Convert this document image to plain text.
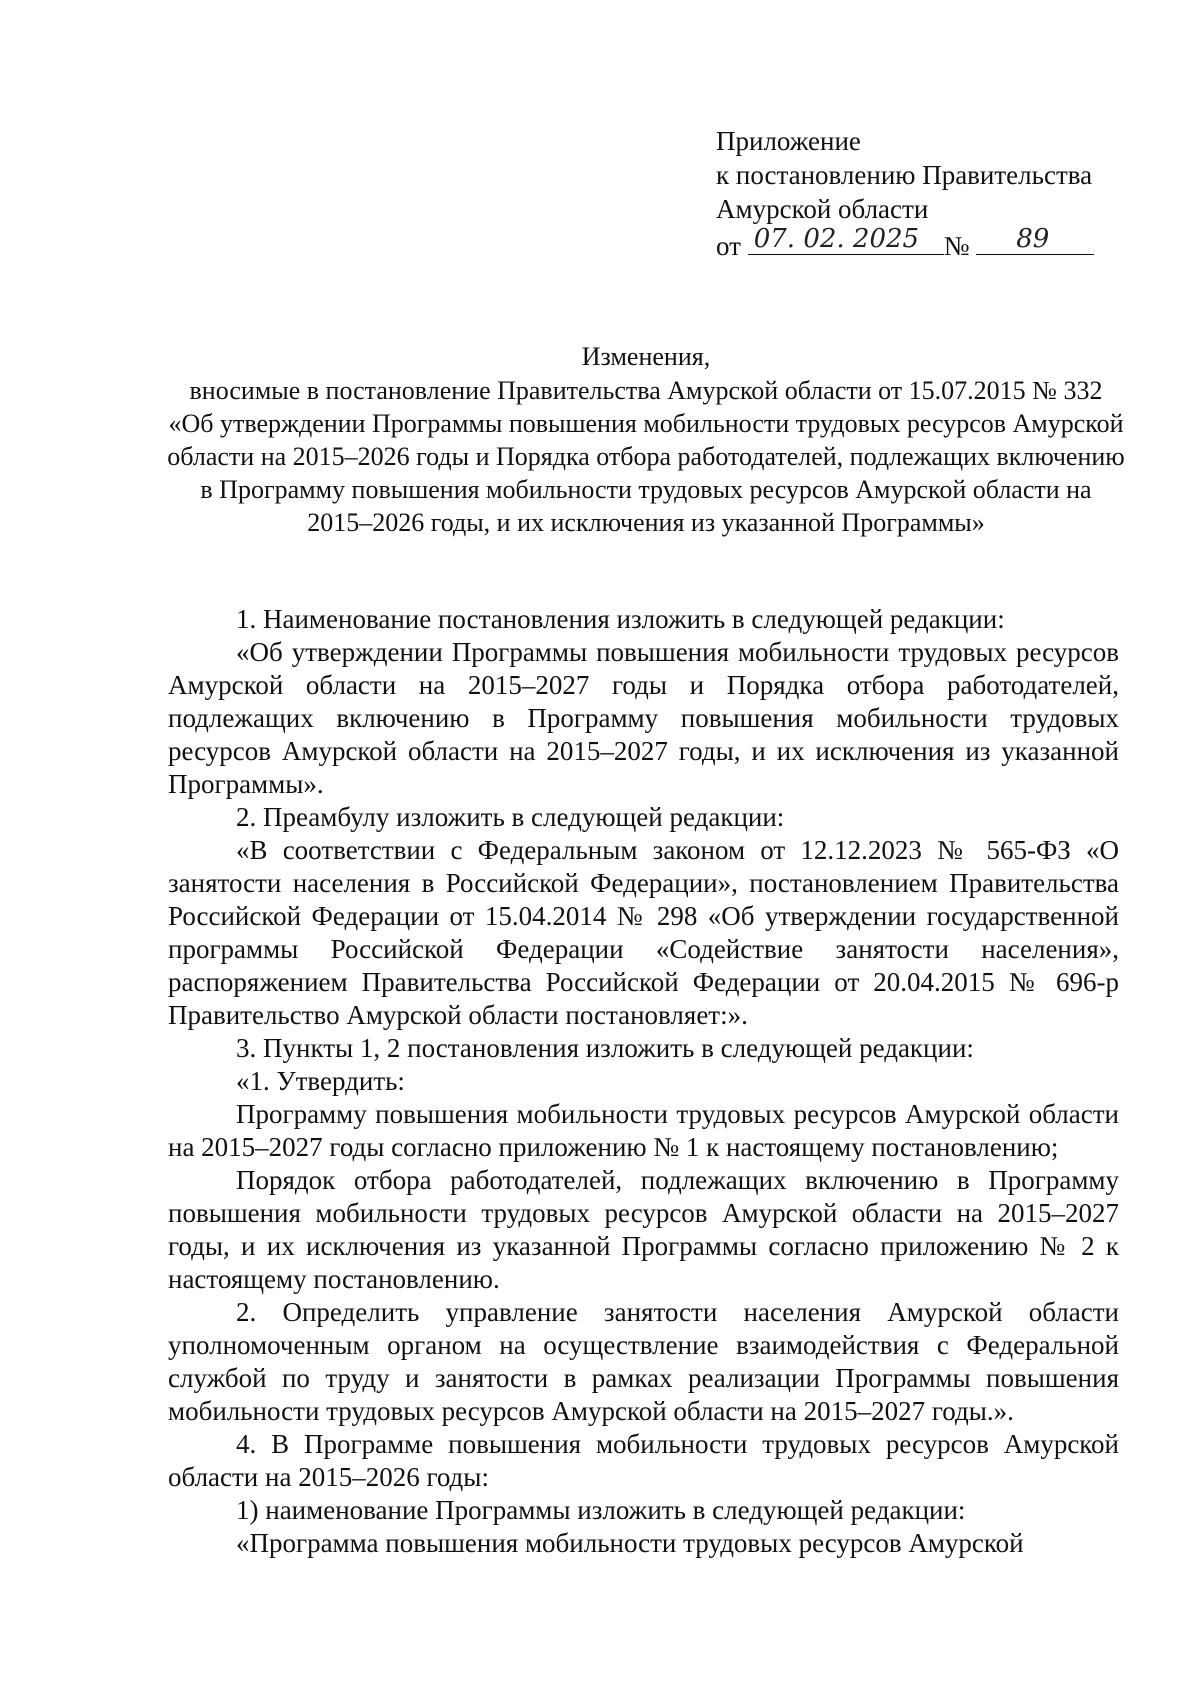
Приложение
к постановлению Правительства
Амурской области
от 07. 02. 2025 № 89
Изменения,
вносимые в постановление Правительства Амурской области от 15.07.2015 № 332 «Об утверждении Программы повышения мобильности трудовых ресурсов Амурской области на 2015–2026 годы и Порядка отбора работодателей, подлежащих включению в Программу повышения мобильности трудовых ресурсов Амурской области на 2015–2026 годы, и их исключения из указанной Программы»

1. Наименование постановления изложить в следующей редакции:

«Об утверждении Программы повышения мобильности трудовых ресурсов Амурской области на 2015–2027 годы и Порядка отбора работодателей, подлежащих включению в Программу повышения мобильности трудовых ресурсов Амурской области на 2015–2027 годы, и их исключения из указанной Программы».

2. Преамбулу изложить в следующей редакции:

«В соответствии с Федеральным законом от 12.12.2023 № 565-ФЗ «О занятости населения в Российской Федерации», постановлением Правительства Российской Федерации от 15.04.2014 № 298 «Об утверждении государственной программы Российской Федерации «Содействие занятости населения», распоряжением Правительства Российской Федерации от 20.04.2015 № 696-р Правительство Амурской области постановляет:».

3. Пункты 1, 2 постановления изложить в следующей редакции:

«1. Утвердить:

Программу повышения мобильности трудовых ресурсов Амурской области на 2015–2027 годы согласно приложению № 1 к настоящему постановлению;

Порядок отбора работодателей, подлежащих включению в Программу повышения мобильности трудовых ресурсов Амурской области на 2015–2027 годы, и их исключения из указанной Программы согласно приложению № 2 к настоящему постановлению.

2. Определить управление занятости населения Амурской области уполномоченным органом на осуществление взаимодействия с Федеральной службой по труду и занятости в рамках реализации Программы повышения мобильности трудовых ресурсов Амурской области на 2015–2027 годы.».

4. В Программе повышения мобильности трудовых ресурсов Амурской области на 2015–2026 годы:

1) наименование Программы изложить в следующей редакции:

«Программа повышения мобильности трудовых ресурсов Амурской
